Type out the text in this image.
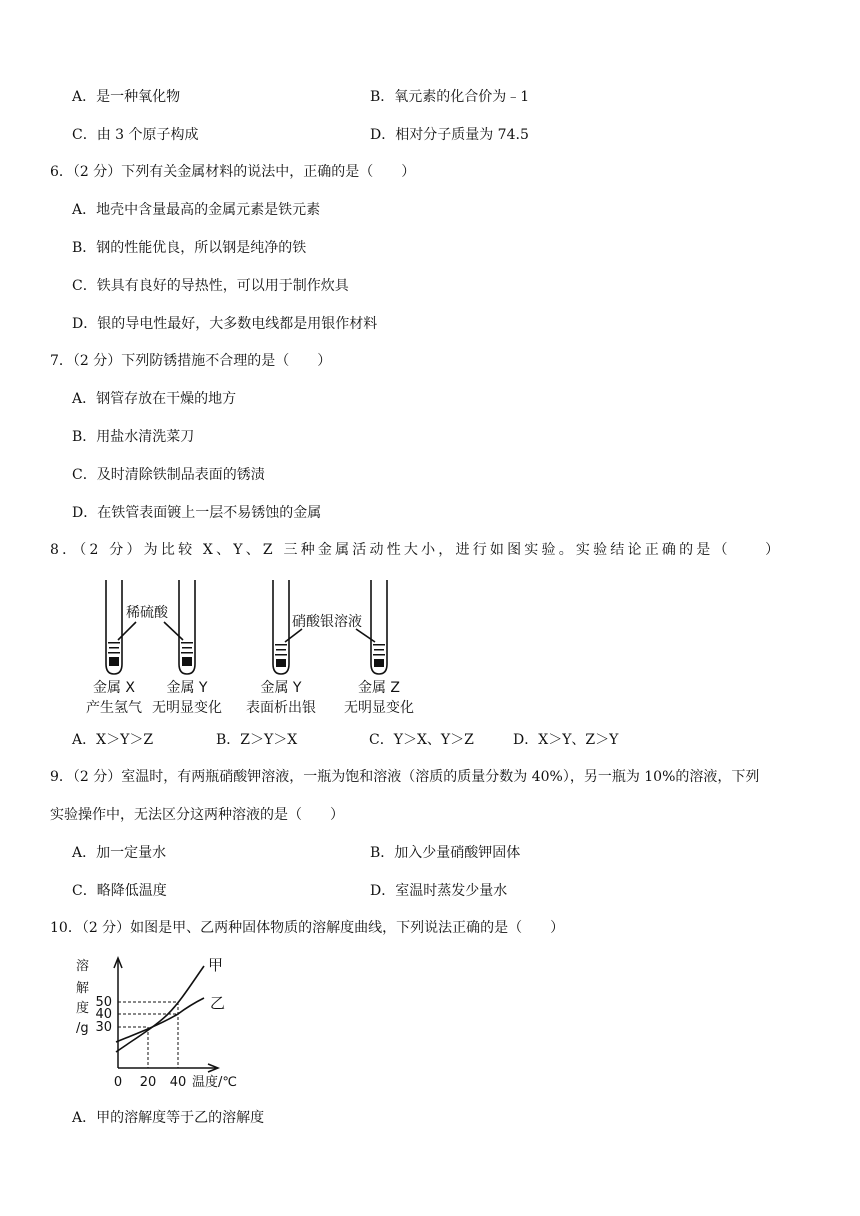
A．是一种氧化物	B．氧元素的化合价为﹣1
C．由 3 个原子构成	D．相对分子质量为 74.5
6．（2 分）下列有关金属材料的说法中，正确的是（　　）
A．地壳中含量最高的金属元素是铁元素
B．钢的性能优良，所以钢是纯净的铁
C．铁具有良好的导热性，可以用于制作炊具
D．银的导电性最好，大多数电线都是用银作材料
7．（2 分）下列防锈措施不合理的是（　　）
A．钢管存放在干燥的地方
B．用盐水清洗菜刀
C．及时清除铁制品表面的锈渍
D．在铁管表面镀上一层不易锈蚀的金属
8．（2 分）为比较 X、Y、Z 三种金属活动性大小，进行如图实验。实验结论正确的是（　　）
稀硫酸
硝酸银溶液
金属 X
产生氢气
金属 Y
无明显变化
金属 Y
表面析出银
金属 Z
无明显变化
A．X＞Y＞Z	B．Z＞Y＞X	C．Y＞X、Y＞Z	D．X＞Y、Z＞Y
9．（2 分）室温时，有两瓶硝酸钾溶液，一瓶为饱和溶液（溶质的质量分数为 40%），另一瓶为 10%的溶液，下列
实验操作中，无法区分这两种溶液的是（　　）
A．加一定量水	B．加入少量硝酸钾固体
C．略降低温度	D．室温时蒸发少量水
10．（2 分）如图是甲、乙两种固体物质的溶解度曲线，下列说法正确的是（　　）
溶
解
度
/g
50
40
30
0 20 40 温度/℃
甲
乙
A．甲的溶解度等于乙的溶解度
